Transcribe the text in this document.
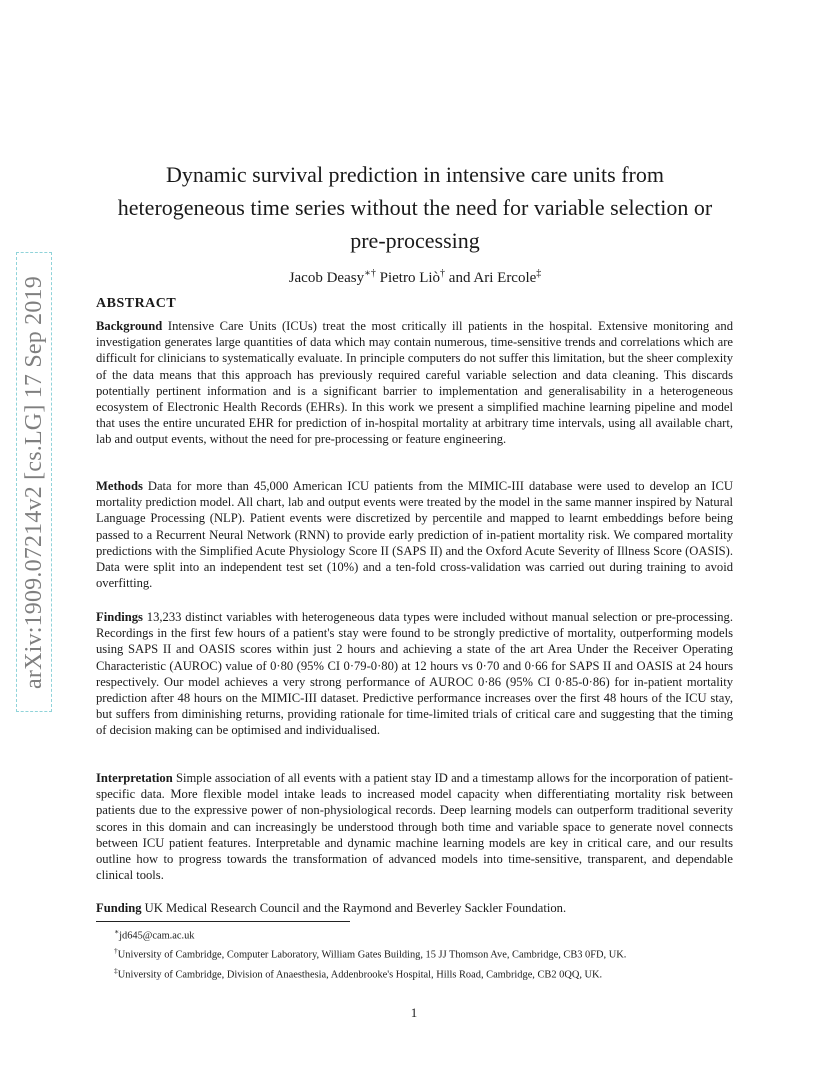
arXiv:1909.07214v2 [cs.LG] 17 Sep 2019
Dynamic survival prediction in intensive care units from
heterogeneous time series without the need for variable selection or
pre-processing
Jacob Deasy∗† Pietro Liò† and Ari Ercole‡
ABSTRACT
Background Intensive Care Units (ICUs) treat the most critically ill patients in the hospital. Extensive monitoring and investigation generates large quantities of data which may contain numerous, time-sensitive trends and correlations which are difficult for clinicians to systematically evaluate. In principle computers do not suffer this limitation, but the sheer complexity of the data means that this approach has previously required careful variable selection and data cleaning. This discards potentially pertinent information and is a significant barrier to implementation and generalisability in a heterogeneous ecosystem of Electronic Health Records (EHRs). In this work we present a simplified machine learning pipeline and model that uses the entire uncurated EHR for prediction of in-hospital mortality at arbitrary time intervals, using all available chart, lab and output events, without the need for pre-processing or feature engineering.
Methods Data for more than 45,000 American ICU patients from the MIMIC-III database were used to develop an ICU mortality prediction model. All chart, lab and output events were treated by the model in the same manner inspired by Natural Language Processing (NLP). Patient events were discretized by percentile and mapped to learnt embeddings before being passed to a Recurrent Neural Network (RNN) to provide early prediction of in-patient mortality risk. We compared mortality predictions with the Simplified Acute Physiology Score II (SAPS II) and the Oxford Acute Severity of Illness Score (OASIS). Data were split into an independent test set (10%) and a ten-fold cross-validation was carried out during training to avoid overfitting.
Findings 13,233 distinct variables with heterogeneous data types were included without manual selection or pre-processing. Recordings in the first few hours of a patient's stay were found to be strongly predictive of mortality, outperforming models using SAPS II and OASIS scores within just 2 hours and achieving a state of the art Area Under the Receiver Operating Characteristic (AUROC) value of 0·80 (95% CI 0·79-0·80) at 12 hours vs 0·70 and 0·66 for SAPS II and OASIS at 24 hours respectively. Our model achieves a very strong performance of AUROC 0·86 (95% CI 0·85-0·86) for in-patient mortality prediction after 48 hours on the MIMIC-III dataset. Predictive performance increases over the first 48 hours of the ICU stay, but suffers from diminishing returns, providing rationale for time-limited trials of critical care and suggesting that the timing of decision making can be optimised and individualised.
Interpretation Simple association of all events with a patient stay ID and a timestamp allows for the incorporation of patient-specific data. More flexible model intake leads to increased model capacity when differentiating mortality risk between patients due to the expressive power of non-physiological records. Deep learning models can outperform traditional severity scores in this domain and can increasingly be understood through both time and variable space to generate novel connects between ICU patient features. Interpretable and dynamic machine learning models are key in critical care, and our results outline how to progress towards the transformation of advanced models into time-sensitive, transparent, and dependable clinical tools.
Funding UK Medical Research Council and the Raymond and Beverley Sackler Foundation.
∗jd645@cam.ac.uk
†University of Cambridge, Computer Laboratory, William Gates Building, 15 JJ Thomson Ave, Cambridge, CB3 0FD, UK.
‡University of Cambridge, Division of Anaesthesia, Addenbrooke's Hospital, Hills Road, Cambridge, CB2 0QQ, UK.
1
